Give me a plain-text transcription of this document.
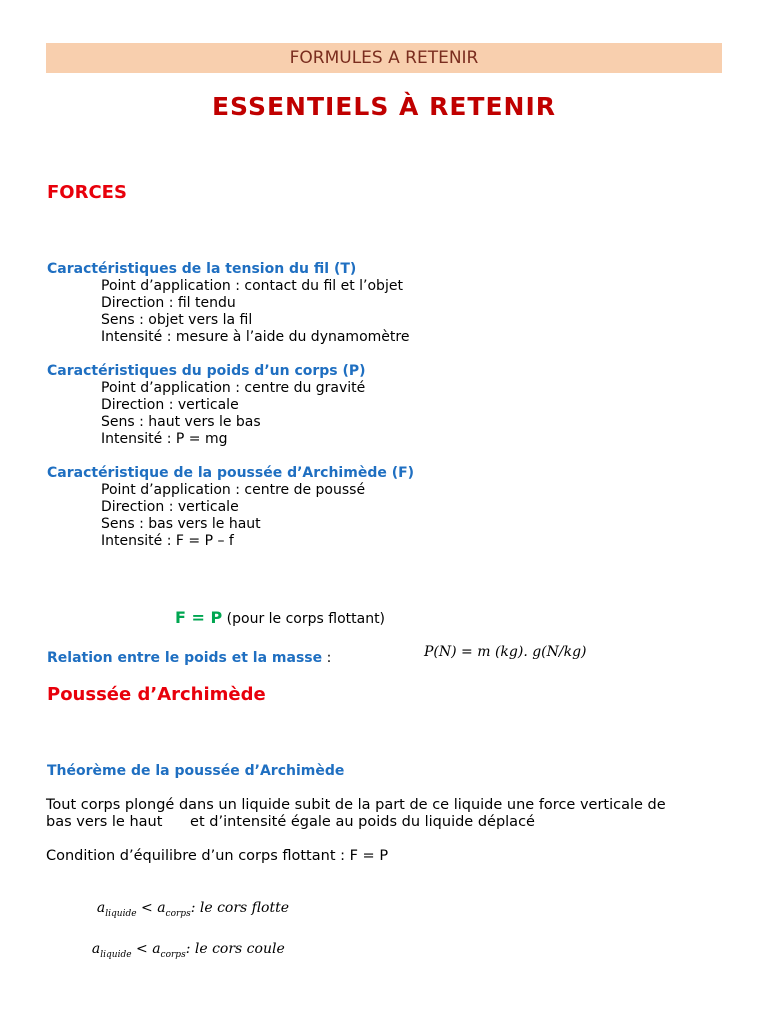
FORMULES A RETENIR
ESSENTIELS À RETENIR
FORCES
Caractéristiques de la tension du fil (T)
Point d’application : contact du fil et l’objet
Direction : fil tendu
Sens : objet vers la fil
Intensité : mesure à l’aide du dynamomètre
Caractéristiques du poids d’un corps (P)
Point d’application : centre du gravité
Direction : verticale
Sens : haut vers le bas
Intensité : P = mg
Caractéristique de la poussée d’Archimède (F)
Point d’application : centre de poussé
Direction : verticale
Sens : bas vers le haut
Intensité : F = P – f
F = P (pour le corps flottant)
Relation entre le poids et la masse :	P(N) = m (kg). g(N/kg)
Poussée d’Archimède
Théorème de la poussée d’Archimède
Tout corps plongé dans un liquide subit de la part de ce liquide une force verticale de
bas vers le haut      et d’intensité égale au poids du liquide déplacé
Condition d’équilibre d’un corps flottant : F = P

$a_{liquide} < a_{corps}$: le cors flotte

$a_{liquide} < a_{corps}$: le cors coule
